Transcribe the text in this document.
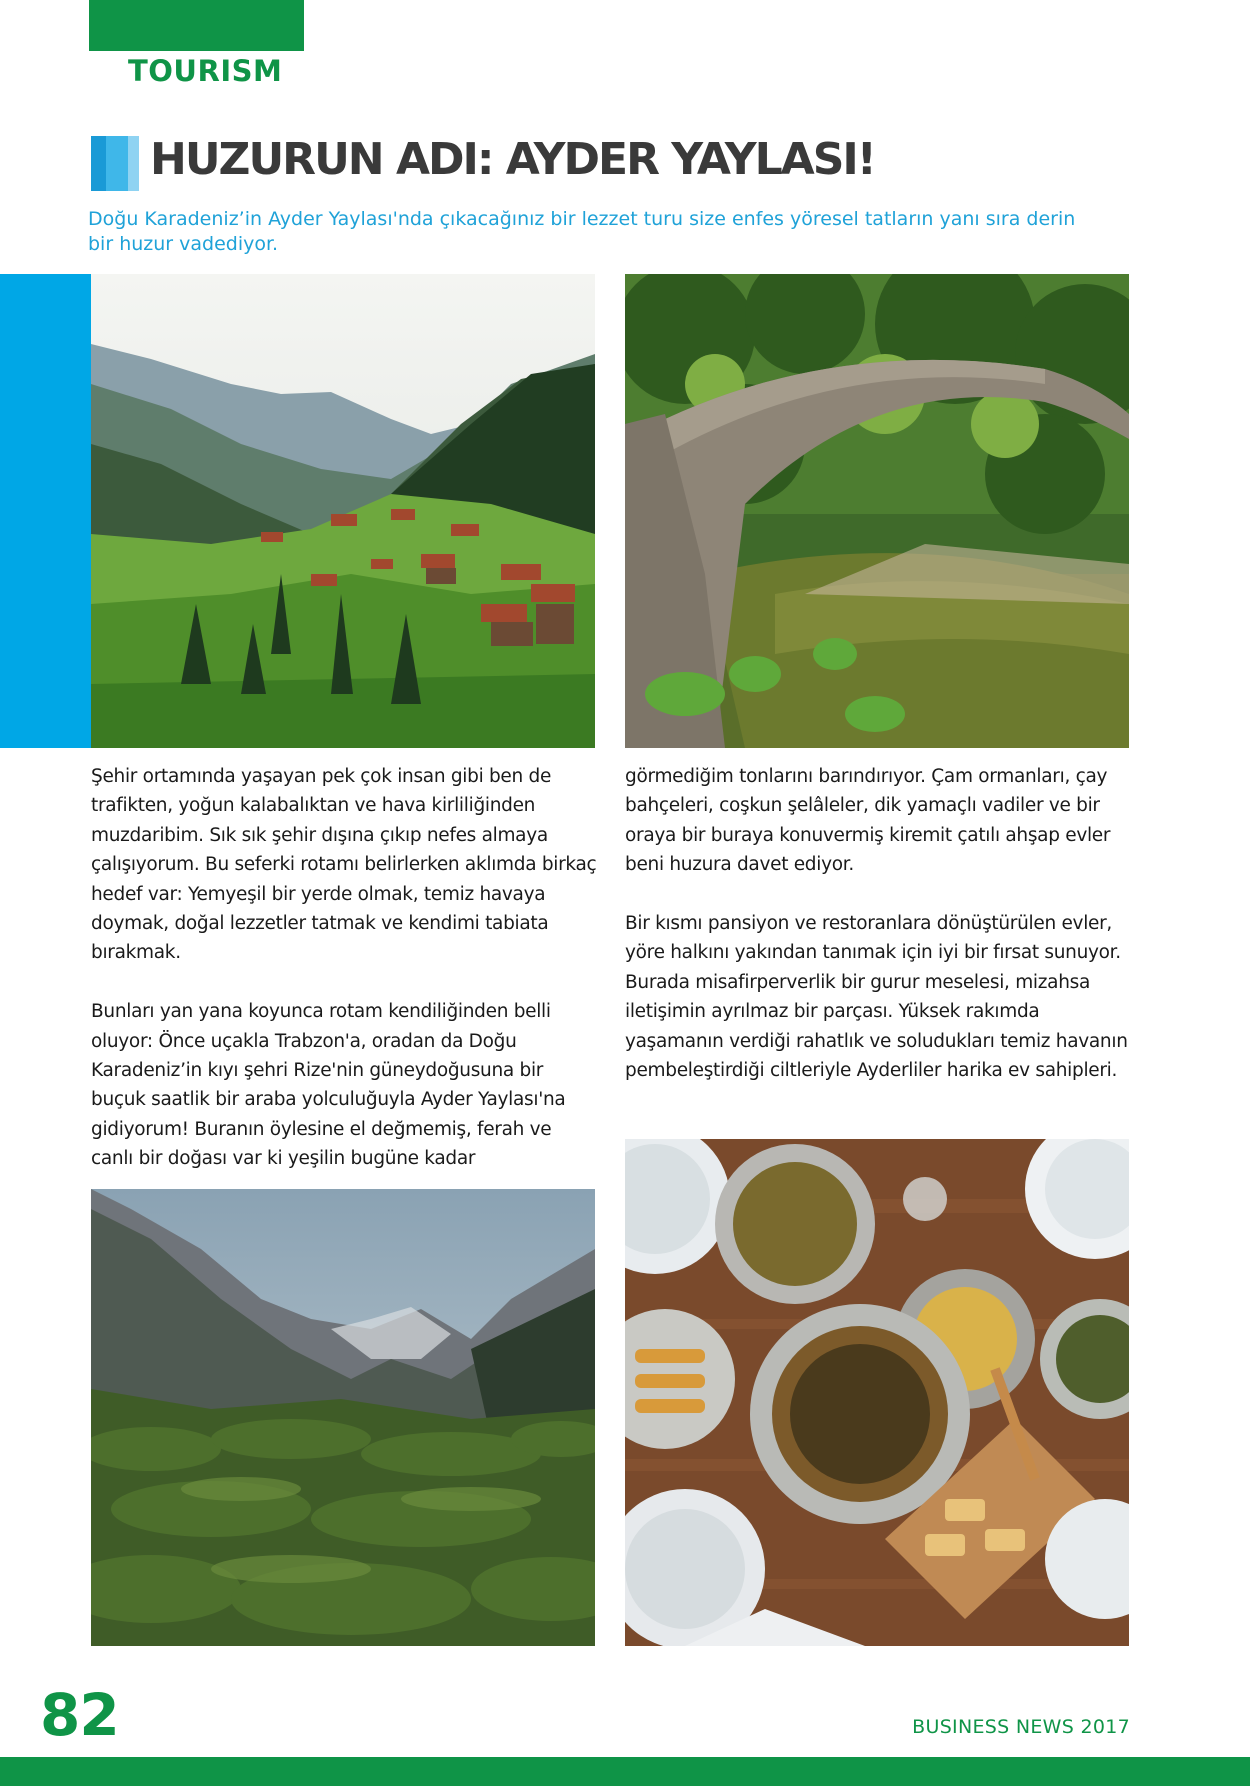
TOURISM
HUZURUN ADI: AYDER YAYLASI!
Doğu Karadeniz’in Ayder Yaylası'nda çıkacağınız bir lezzet turu size enfes yöresel tatların yanı sıra derin bir huzur vadediyor.

Şehir ortamında yaşayan pek çok insan gibi ben de trafikten, yoğun kalabalıktan ve hava kirliliğinden muzdaribim. Sık sık şehir dışına çıkıp nefes almaya çalışıyorum. Bu seferki rotamı belirlerken aklımda birkaç hedef var: Yemyeşil bir yerde olmak, temiz havaya doymak, doğal lezzetler tatmak ve kendimi tabiata bırakmak.

Bunları yan yana koyunca rotam kendiliğinden belli oluyor: Önce uçakla Trabzon'a, oradan da Doğu Karadeniz’in kıyı şehri Rize'nin güneydoğusuna bir buçuk saatlik bir araba yolculuğuyla Ayder Yaylası'na gidiyorum! Buranın öylesine el değmemiş, ferah ve canlı bir doğası var ki yeşilin bugüne kadar

görmediğim tonlarını barındırıyor. Çam ormanları, çay bahçeleri, coşkun şelâleler, dik yamaçlı vadiler ve bir oraya bir buraya konuvermiş kiremit çatılı ahşap evler beni huzura davet ediyor.

Bir kısmı pansiyon ve restoranlara dönüştürülen evler, yöre halkını yakından tanımak için iyi bir fırsat sunuyor. Burada misafirperverlik bir gurur meselesi, mizahsa iletişimin ayrılmaz bir parçası. Yüksek rakımda yaşamanın verdiği rahatlık ve soludukları temiz havanın pembeleştirdiği ciltleriyle Ayderliler harika ev sahipleri.

82	BUSINESS NEWS 2017
